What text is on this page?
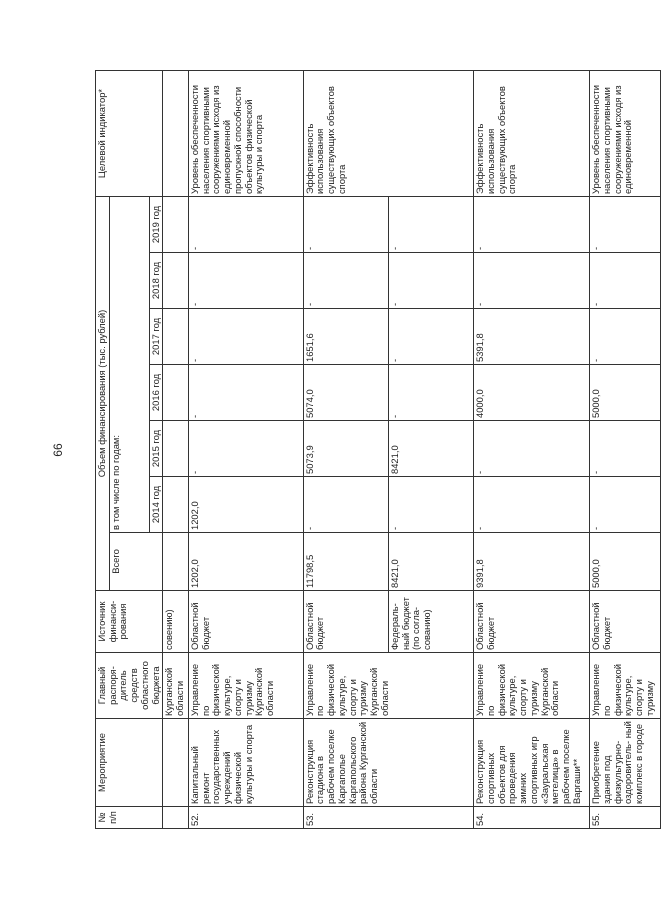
66
№ п/п	Мероприятие	Главный распоря- дитель средств областного бюджета	Источник финанси- рования	Объем финансирования (тыс. рублей)							Целевой индикатор*
				Всего	в том числе по годам:						
					2014 год	2015 год	2016 год	2017 год	2018 год	2019 год	
		Курганской области	совению)								
52.	Капитальный ремонт государственных учреждений физической культуры и спорта	Управление по физической культуре, спорту и туризму Курганской области	Областной бюджет	1202,0	1202,0	-	-	-	-	-	Уровень обеспеченности населения спортивными сооружениями исходя из единовременной пропускной способности объектов физической культуры и спорта
53.	Реконструкция стадиона в рабочем поселке Каргаполье Каргапольского района Курганской области	Управление по физической культуре, спорту и туризму Курганской области	Областной бюджет	11798,5	-	5073,9	5074,0	1651,6	-	-	Эффективность использования существующих объектов спорта
			Федераль- ный бюджет (по согла- сованию)	8421,0	-	8421,0	-	-	-	-	
54.	Реконструкция спортивных объектов для проведения зимних спортивных игр «Зауральская метелица» в рабочем поселке Варгаши**	Управление по физической культуре, спорту и туризму Курганской области	Областной бюджет	9391,8	-	-	4000,0	5391,8	-	-	Эффективность использования существующих объектов спорта
55.	Приобретение здания под физкультурно- оздоровитель- ный комплекс в городе	Управление по физической культуре, спорту и туризму	Областной бюджет	5000,0	-	-	5000,0	-	-	-	Уровень обеспеченности населения спортивными сооружениями исходя из единовременной
